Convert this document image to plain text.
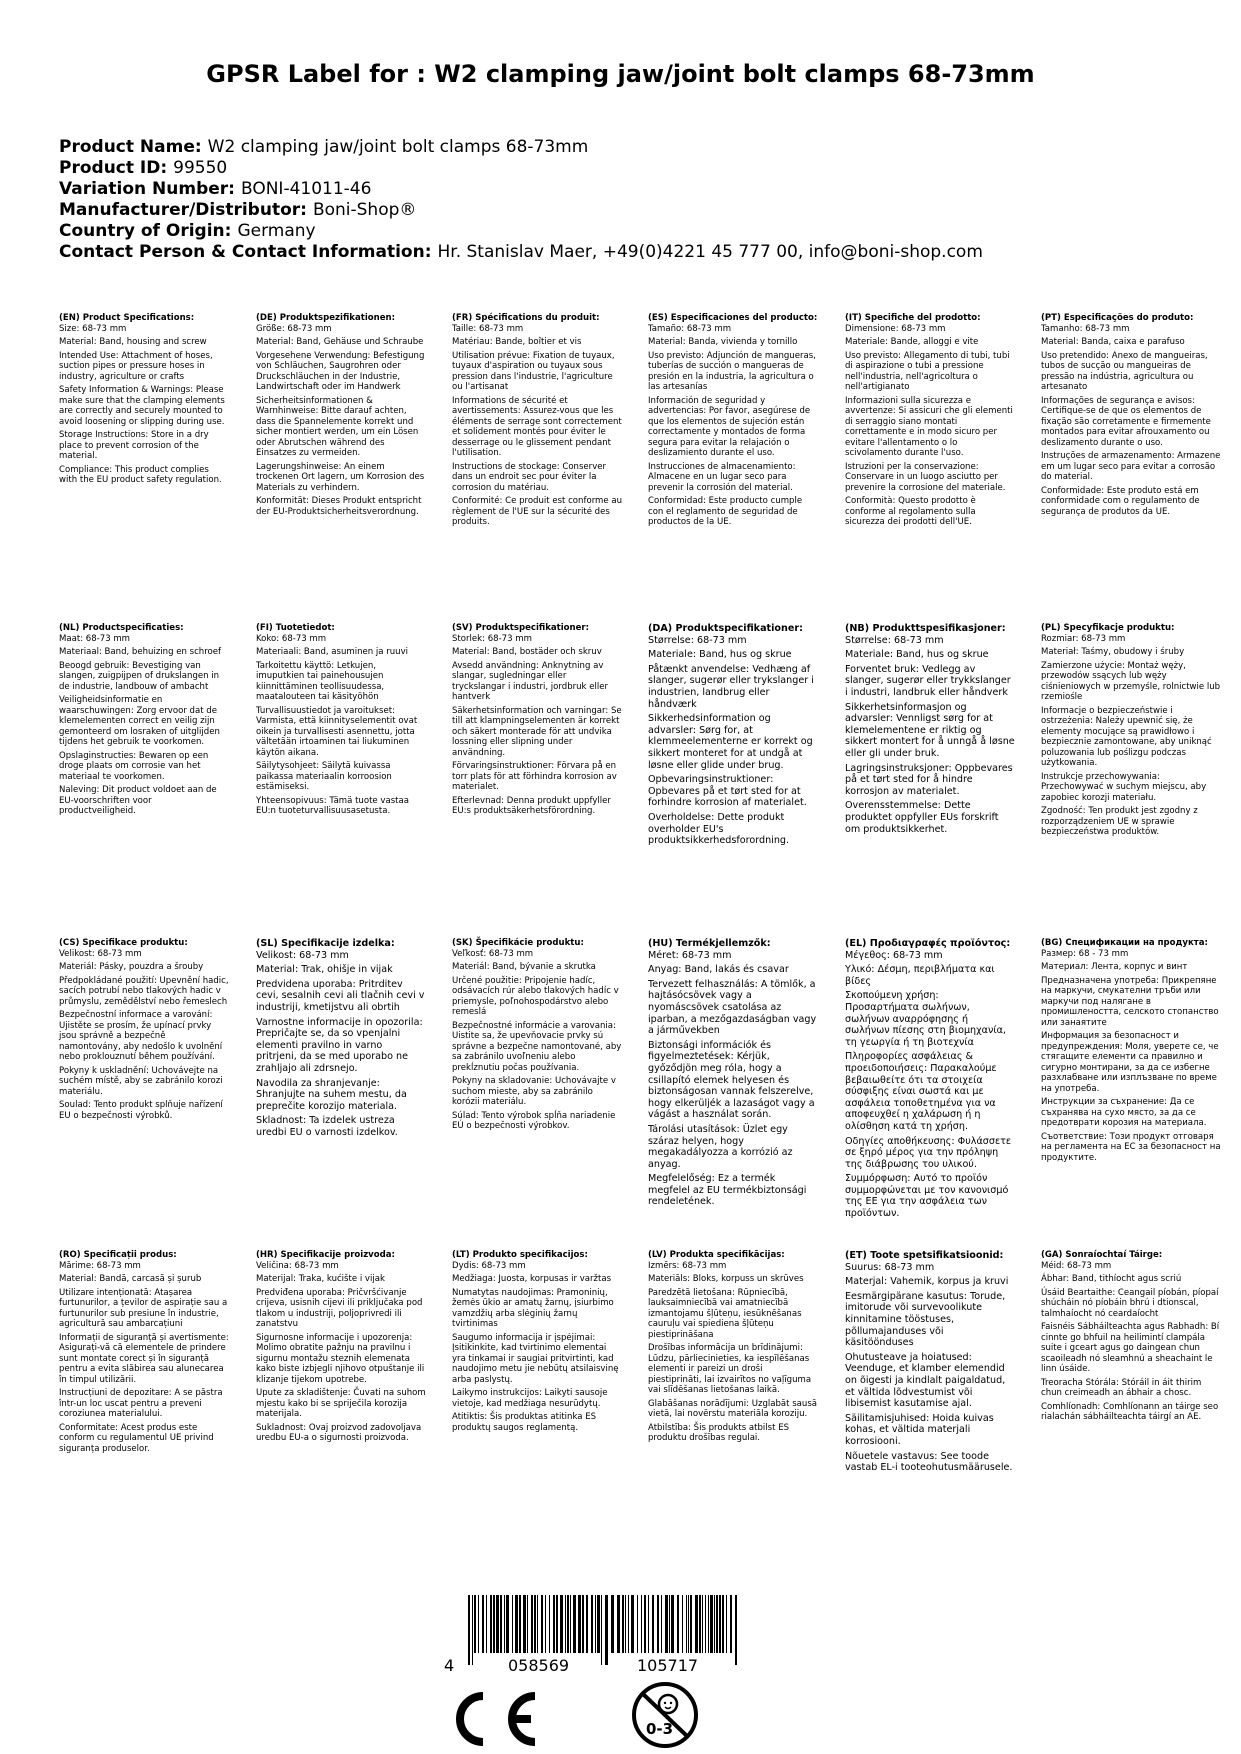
GPSR Label for : W2 clamping jaw/joint bolt clamps 68-73mm
Product Name: W2 clamping jaw/joint bolt clamps 68-73mm
Product ID: 99550
Variation Number: BONI-41011-46
Manufacturer/Distributor: Boni-Shop®
Country of Origin: Germany
Contact Person & Contact Information: Hr. Stanislav Maer, +49(0)4221 45 777 00, info@boni-shop.com
(EN) Product Specifications:

Size: 68-73 mm

Material: Band, housing and screw

Intended Use: Attachment of hoses, suction pipes or pressure hoses in industry, agriculture or crafts

Safety Information & Warnings: Please make sure that the clamping elements are correctly and securely mounted to avoid loosening or slipping during use.

Storage Instructions: Store in a dry place to prevent corrosion of the material.

Compliance: This product complies with the EU product safety regulation.

(DE) Produktspezifikationen:

Größe: 68-73 mm

Material: Band, Gehäuse und Schraube

Vorgesehene Verwendung: Befestigung von Schläuchen, Saugrohren oder Druckschläuchen in der Industrie, Landwirtschaft oder im Handwerk

Sicherheitsinformationen & Warnhinweise: Bitte darauf achten, dass die Spannelemente korrekt und sicher montiert werden, um ein Lösen oder Abrutschen während des Einsatzes zu vermeiden.

Lagerungshinweise: An einem trockenen Ort lagern, um Korrosion des Materials zu verhindern.

Konformität: Dieses Produkt entspricht der EU-Produktsicherheitsverordnung.

(FR) Spécifications du produit:

Taille: 68-73 mm

Matériau: Bande, boîtier et vis

Utilisation prévue: Fixation de tuyaux, tuyaux d'aspiration ou tuyaux sous pression dans l'industrie, l'agriculture ou l'artisanat

Informations de sécurité et avertissements: Assurez-vous que les éléments de serrage sont correctement et solidement montés pour éviter le desserrage ou le glissement pendant l'utilisation.

Instructions de stockage: Conserver dans un endroit sec pour éviter la corrosion du matériau.

Conformité: Ce produit est conforme au règlement de l'UE sur la sécurité des produits.

(ES) Especificaciones del producto:

Tamaño: 68-73 mm

Material: Banda, vivienda y tornillo

Uso previsto: Adjunción de mangueras, tuberías de succión o mangueras de presión en la industria, la agricultura o las artesanías

Información de seguridad y advertencias: Por favor, asegúrese de que los elementos de sujeción están correctamente y montados de forma segura para evitar la relajación o deslizamiento durante el uso.

Instrucciones de almacenamiento: Almacene en un lugar seco para prevenir la corrosión del material.

Conformidad: Este producto cumple con el reglamento de seguridad de productos de la UE.

(IT) Specifiche del prodotto:

Dimensione: 68-73 mm

Materiale: Bande, alloggi e vite

Uso previsto: Allegamento di tubi, tubi di aspirazione o tubi a pressione nell'industria, nell'agricoltura o nell'artigianato

Informazioni sulla sicurezza e avvertenze: Si assicuri che gli elementi di serraggio siano montati correttamente e in modo sicuro per evitare l'allentamento o lo scivolamento durante l'uso.

Istruzioni per la conservazione: Conservare in un luogo asciutto per prevenire la corrosione del materiale.

Conformità: Questo prodotto è conforme al regolamento sulla sicurezza dei prodotti dell'UE.

(PT) Especificações do produto:

Tamanho: 68-73 mm

Material: Banda, caixa e parafuso

Uso pretendido: Anexo de mangueiras, tubos de sucção ou mangueiras de pressão na indústria, agricultura ou artesanato

Informações de segurança e avisos: Certifique-se de que os elementos de fixação são corretamente e firmemente montados para evitar afrouxamento ou deslizamento durante o uso.

Instruções de armazenamento: Armazene em um lugar seco para evitar a corrosão do material.

Conformidade: Este produto está em conformidade com o regulamento de segurança de produtos da UE.

(NL) Productspecificaties:

Maat: 68-73 mm

Materiaal: Band, behuizing en schroef

Beoogd gebruik: Bevestiging van slangen, zuigpijpen of drukslangen in de industrie, landbouw of ambacht

Veiligheidsinformatie en waarschuwingen: Zorg ervoor dat de klemelementen correct en veilig zijn gemonteerd om losraken of uitglijden tijdens het gebruik te voorkomen.

Opslaginstructies: Bewaren op een droge plaats om corrosie van het materiaal te voorkomen.

Naleving: Dit product voldoet aan de EU-voorschriften voor productveiligheid.

(FI) Tuotetiedot:

Koko: 68-73 mm

Materiaali: Band, asuminen ja ruuvi

Tarkoitettu käyttö: Letkujen, imuputkien tai painehousujen kiinnittäminen teollisuudessa, maatalouteen tai käsityöhön

Turvallisuustiedot ja varoitukset: Varmista, että kiinnityselementit ovat oikein ja turvallisesti asennettu, jotta vältetään irtoaminen tai liukuminen käytön aikana.

Säilytysohjeet: Säilytä kuivassa paikassa materiaalin korroosion estämiseksi.

Yhteensopivuus: Tämä tuote vastaa EU:n tuoteturvallisuusasetusta.

(SV) Produktspecifikationer:

Storlek: 68-73 mm

Material: Band, bostäder och skruv

Avsedd användning: Anknytning av slangar, sugledningar eller tryckslangar i industri, jordbruk eller hantverk

Säkerhetsinformation och varningar: Se till att klampningselementen är korrekt och säkert monterade för att undvika lossning eller slipning under användning.

Förvaringsinstruktioner: Förvara på en torr plats för att förhindra korrosion av materialet.

Efterlevnad: Denna produkt uppfyller EU:s produktsäkerhetsförordning.

(DA) Produktspecifikationer:

Størrelse: 68-73 mm

Materiale: Band, hus og skrue

Påtænkt anvendelse: Vedhæng af slanger, sugerør eller trykslanger i industrien, landbrug eller håndværk

Sikkerhedsinformation og advarsler: Sørg for, at klemmeelementerne er korrekt og sikkert monteret for at undgå at løsne eller glide under brug.

Opbevaringsinstruktioner: Opbevares på et tørt sted for at forhindre korrosion af materialet.

Overholdelse: Dette produkt overholder EU's produktsikkerhedsforordning.

(NB) Produkttspesifikasjoner:

Størrelse: 68-73 mm

Materiale: Band, hus og skrue

Forventet bruk: Vedlegg av slanger, sugerør eller trykkslanger i industri, landbruk eller håndverk

Sikkerhetsinformasjon og advarsler: Vennligst sørg for at klemelementene er riktig og sikkert montert for å unngå å løsne eller gli under bruk.

Lagringsinstruksjoner: Oppbevares på et tørt sted for å hindre korrosjon av materialet.

Overensstemmelse: Dette produktet oppfyller EUs forskrift om produktsikkerhet.

(PL) Specyfikacje produktu:

Rozmiar: 68-73 mm

Materiał: Taśmy, obudowy i śruby

Zamierzone użycie: Montaż węży, przewodów ssących lub węży ciśnieniowych w przemyśle, rolnictwie lub rzemiośle

Informacje o bezpieczeństwie i ostrzeżenia: Należy upewnić się, że elementy mocujące są prawidłowo i bezpiecznie zamontowane, aby uniknąć poluzowania lub poślizgu podczas użytkowania.

Instrukcje przechowywania: Przechowywać w suchym miejscu, aby zapobiec korozji materiału.

Zgodność: Ten produkt jest zgodny z rozporządzeniem UE w sprawie bezpieczeństwa produktów.

(CS) Specifikace produktu:

Velikost: 68-73 mm

Materiál: Pásky, pouzdra a šrouby

Předpokládané použití: Upevnění hadic, sacích potrubí nebo tlakových hadic v průmyslu, zemědělství nebo řemeslech

Bezpečnostní informace a varování: Ujistěte se prosím, že upínací prvky jsou správně a bezpečně namontovány, aby nedošlo k uvolnění nebo proklouznutí během používání.

Pokyny k uskladnění: Uchovávejte na suchém místě, aby se zabránilo korozi materiálu.

Soulad: Tento produkt splňuje nařízení EU o bezpečnosti výrobků.

(SL) Specifikacije izdelka:

Velikost: 68-73 mm

Material: Trak, ohišje in vijak

Predvidena uporaba: Pritrditev cevi, sesalnih cevi ali tlačnih cevi v industriji, kmetijstvu ali obrtih

Varnostne informacije in opozorila: Prepričajte se, da so vpenjalni elementi pravilno in varno pritrjeni, da se med uporabo ne zrahljajo ali zdrsnejo.

Navodila za shranjevanje: Shranjujte na suhem mestu, da preprečite korozijo materiala.

Skladnost: Ta izdelek ustreza uredbi EU o varnosti izdelkov.

(SK) Špecifikácie produktu:

Veľkosť: 68-73 mm

Materiál: Band, bývanie a skrutka

Určené použitie: Pripojenie hadíc, odsávacích rúr alebo tlakových hadíc v priemysle, poľnohospodárstvo alebo remeslá

Bezpečnostné informácie a varovania: Uistite sa, že upevňovacie prvky sú správne a bezpečne namontované, aby sa zabránilo uvoľneniu alebo prekĺznutiu počas používania.

Pokyny na skladovanie: Uchovávajte v suchom mieste, aby sa zabránilo korózii materiálu.

Súlad: Tento výrobok spĺňa nariadenie EÚ o bezpečnosti výrobkov.

(HU) Termékjellemzők:

Méret: 68-73 mm

Anyag: Band, lakás és csavar

Tervezett felhasználás: A tömlők, a hajtásócsövek vagy a nyomáscsövek csatolása az iparban, a mezőgazdaságban vagy a járművekben

Biztonsági információk és figyelmeztetések: Kérjük, győződjön meg róla, hogy a csillapító elemek helyesen és biztonságosan vannak felszerelve, hogy elkerüljék a lazaságot vagy a vágást a használat során.

Tárolási utasítások: Üzlet egy száraz helyen, hogy megakadályozza a korrózió az anyag.

Megfelelőség: Ez a termék megfelel az EU termékbiztonsági rendeletének.

(EL) Προδιαγραφές προϊόντος:

Μέγεθος: 68-73 mm

Υλικό: Δέσμη, περιβλήματα και βίδες

Σκοπούμενη χρήση: Προσαρτήματα σωλήνων, σωλήνων αναρρόφησης ή σωλήνων πίεσης στη βιομηχανία, τη γεωργία ή τη βιοτεχνία

Πληροφορίες ασφάλειας & προειδοποιήσεις: Παρακαλούμε βεβαιωθείτε ότι τα στοιχεία σύσφιξης είναι σωστά και με ασφάλεια τοποθετημένα για να αποφευχθεί η χαλάρωση ή η ολίσθηση κατά τη χρήση.

Οδηγίες αποθήκευσης: Φυλάσσετε σε ξηρό μέρος για την πρόληψη της διάβρωσης του υλικού.

Συμμόρφωση: Αυτό το προϊόν συμμορφώνεται με τον κανονισμό της ΕΕ για την ασφάλεια των προϊόντων.

(BG) Спецификации на продукта:

Размер: 68 - 73 mm

Материал: Лента, корпус и винт

Предназначена употреба: Прикрепяне на маркучи, смукателни тръби или маркучи под налягане в промишлеността, селското стопанство или занаятите

Информация за безопасност и предупреждения: Моля, уверете се, че стягащите елементи са правилно и сигурно монтирани, за да се избегне разхлабване или изплъзване по време на употреба.

Инструкции за съхранение: Да се съхранява на сухо място, за да се предотврати корозия на материала.

Съответствие: Този продукт отговаря на регламента на ЕС за безопасност на продуктите.

(RO) Specificații produs:

Mărime: 68-73 mm

Material: Bandă, carcasă și șurub

Utilizare intenționată: Atașarea furtunurilor, a țevilor de aspirație sau a furtunurilor sub presiune în industrie, agricultură sau ambarcațiuni

Informații de siguranță și avertismente: Asigurați-vă că elementele de prindere sunt montate corect și în siguranță pentru a evita slăbirea sau alunecarea în timpul utilizării.

Instrucțiuni de depozitare: A se păstra într-un loc uscat pentru a preveni coroziunea materialului.

Conformitate: Acest produs este conform cu regulamentul UE privind siguranța produselor.

(HR) Specifikacije proizvoda:

Veličina: 68-73 mm

Materijal: Traka, kućište i vijak

Predviđena uporaba: Pričvršćivanje crijeva, usisnih cijevi ili priključaka pod tlakom u industriji, poljoprivredi ili zanatstvu

Sigurnosne informacije i upozorenja: Molimo obratite pažnju na pravilnu i sigurnu montažu steznih elemenata kako biste izbjegli njihovo otpuštanje ili klizanje tijekom upotrebe.

Upute za skladištenje: Čuvati na suhom mjestu kako bi se spriječila korozija materijala.

Sukladnost: Ovaj proizvod zadovoljava uredbu EU-a o sigurnosti proizvoda.

(LT) Produkto specifikacijos:

Dydis: 68-73 mm

Medžiaga: Juosta, korpusas ir varžtas

Numatytas naudojimas: Pramoninių, žemės ūkio ar amatų žarnų, įsiurbimo vamzdžių arba slėginių žarnų tvirtinimas

Saugumo informacija ir įspėjimai: Įsitikinkite, kad tvirtinimo elementai yra tinkamai ir saugiai pritvirtinti, kad naudojimo metu jie nebūtų atsilaisvinę arba paslystų.

Laikymo instrukcijos: Laikyti sausoje vietoje, kad medžiaga nesurūdytų.

Atitiktis: Šis produktas atitinka ES produktų saugos reglamentą.

(LV) Produkta specifikācijas:

Izmērs: 68-73 mm

Materiāls: Bloks, korpuss un skrūves

Paredzētā lietošana: Rūpniecībā, lauksaimniecībā vai amatniecībā izmantojamu šļūteņu, iesūknēšanas cauruļu vai spiediena šļūteņu piestiprināšana

Drošības informācija un brīdinājumi: Lūdzu, pārliecinieties, ka iespīlēšanas elementi ir pareizi un droši piestiprināti, lai izvairītos no vaļīguma vai slīdēšanas lietošanas laikā.

Glabāšanas norādījumi: Uzglabāt sausā vietā, lai novērstu materiāla koroziju.

Atbilstība: Šis produkts atbilst ES produktu drošības regulai.

(ET) Toote spetsifikatsioonid:

Suurus: 68-73 mm

Materjal: Vahemik, korpus ja kruvi

Eesmärgipärane kasutus: Torude, imitorude või survevoolikute kinnitamine tööstuses, põllumajanduses või käsitöönduses

Ohutusteave ja hoiatused: Veenduge, et klamber elemendid on õigesti ja kindlalt paigaldatud, et vältida lõdvestumist või libisemist kasutamise ajal.

Säilitamisjuhised: Hoida kuivas kohas, et vältida materjali korrosiooni.

Nõuetele vastavus: See toode vastab EL-i tooteohutusmäärusele.

(GA) Sonraíochtaí Táirge:

Méid: 68-73 mm

Ábhar: Band, tithíocht agus scriú

Úsáid Beartaithe: Ceangail píobán, píopaí shúcháin nó píobáin bhrú i dtionscal, talmhaíocht nó ceardaíocht

Faisnéis Sábháilteachta agus Rabhadh: Bí cinnte go bhfuil na heilimintí clampála suite i gceart agus go daingean chun scaoileadh nó sleamhnú a sheachaint le linn úsáide.

Treoracha Stórála: Stóráil in áit thirim chun creimeadh an ábhair a chosc.

Comhlíonadh: Comhlíonann an táirge seo rialachán sábháilteachta táirgí an AE.

4	058569	105717
0-3
